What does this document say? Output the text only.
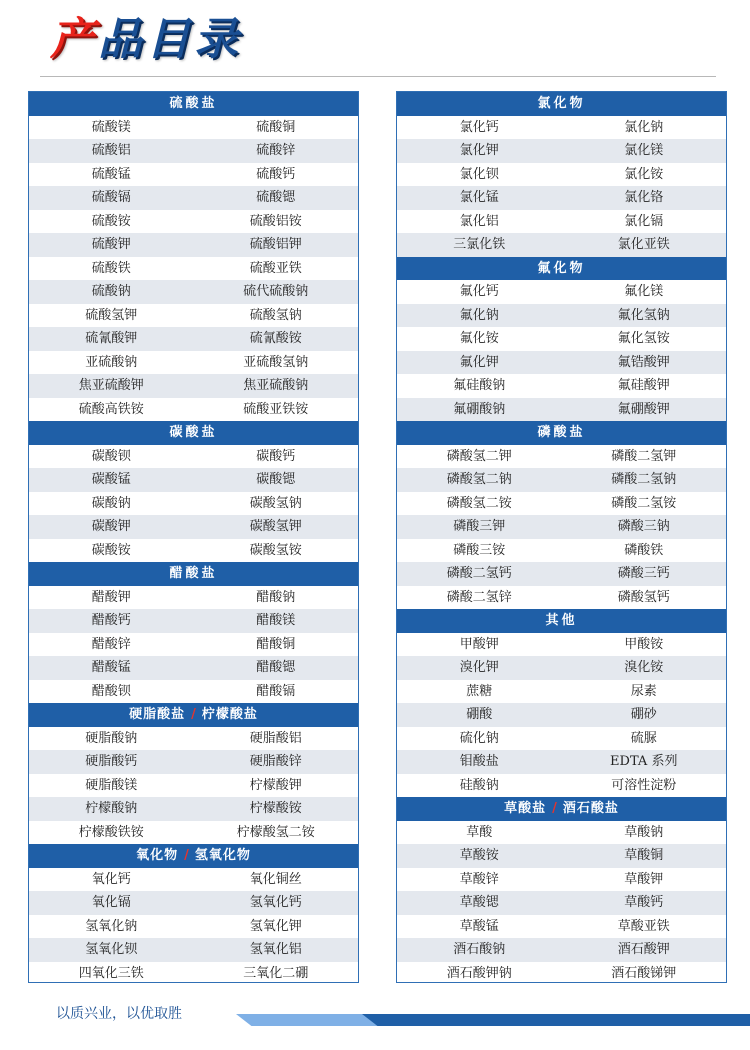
产品目录
硫酸盐
硫酸镁	硫酸铜
硫酸铝	硫酸锌
硫酸锰	硫酸钙
硫酸镉	硫酸锶
硫酸铵	硫酸铝铵
硫酸钾	硫酸铝钾
硫酸铁	硫酸亚铁
硫酸钠	硫代硫酸钠
硫酸氢钾	硫酸氢钠
硫氰酸钾	硫氰酸铵
亚硫酸钠	亚硫酸氢钠
焦亚硫酸钾	焦亚硫酸钠
硫酸高铁铵	硫酸亚铁铵
碳酸盐
碳酸钡	碳酸钙
碳酸锰	碳酸锶
碳酸钠	碳酸氢钠
碳酸钾	碳酸氢钾
碳酸铵	碳酸氢铵
醋酸盐
醋酸钾	醋酸钠
醋酸钙	醋酸镁
醋酸锌	醋酸铜
醋酸锰	醋酸锶
醋酸钡	醋酸镉
硬脂酸盐 / 柠檬酸盐
硬脂酸钠	硬脂酸铝
硬脂酸钙	硬脂酸锌
硬脂酸镁	柠檬酸钾
柠檬酸钠	柠檬酸铵
柠檬酸铁铵	柠檬酸氢二铵
氧化物 / 氢氧化物
氧化钙	氧化铜丝
氧化镉	氢氧化钙
氢氧化钠	氢氧化钾
氢氧化钡	氢氧化铝
四氧化三铁	三氧化二硼
氯化物
氯化钙	氯化钠
氯化钾	氯化镁
氯化钡	氯化铵
氯化锰	氯化铬
氯化铝	氯化镉
三氯化铁	氯化亚铁
氟化物
氟化钙	氟化镁
氟化钠	氟化氢钠
氟化铵	氟化氢铵
氟化钾	氟锆酸钾
氟硅酸钠	氟硅酸钾
氟硼酸钠	氟硼酸钾
磷酸盐
磷酸氢二钾	磷酸二氢钾
磷酸氢二钠	磷酸二氢钠
磷酸氢二铵	磷酸二氢铵
磷酸三钾	磷酸三钠
磷酸三铵	磷酸铁
磷酸二氢钙	磷酸三钙
磷酸二氢锌	磷酸氢钙
其他
甲酸钾	甲酸铵
溴化钾	溴化铵
蔗糖	尿素
硼酸	硼砂
硫化钠	硫脲
钼酸盐	EDTA 系列
硅酸钠	可溶性淀粉
草酸盐 / 酒石酸盐
草酸	草酸钠
草酸铵	草酸铜
草酸锌	草酸钾
草酸锶	草酸钙
草酸锰	草酸亚铁
酒石酸钠	酒石酸钾
酒石酸钾钠	酒石酸锑钾

以质兴业，以优取胜
